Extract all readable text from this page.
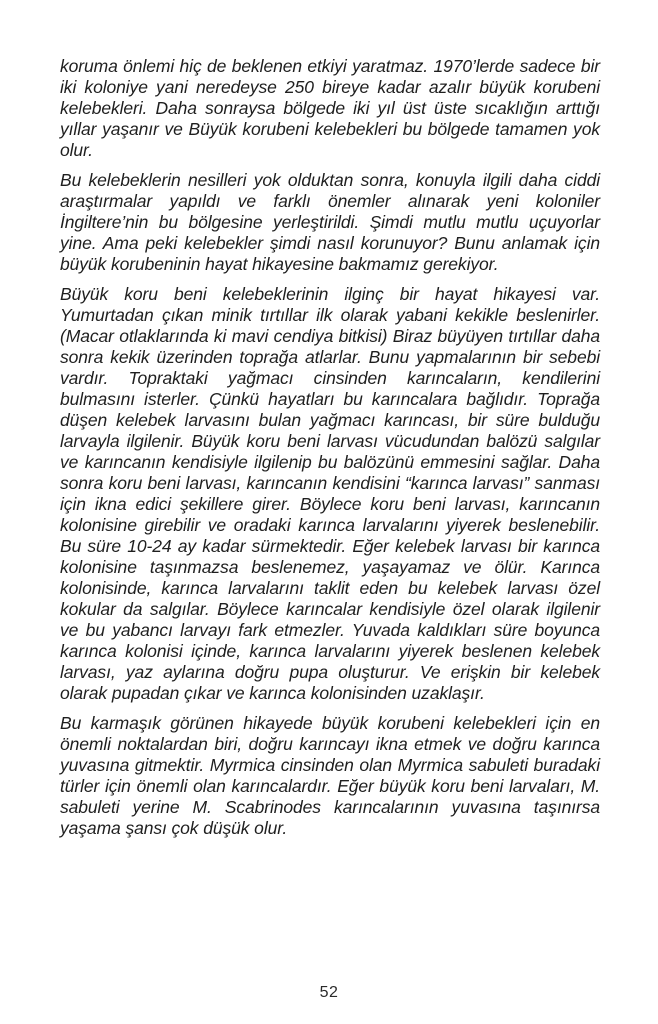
koruma önlemi hiç de beklenen etkiyi yaratmaz. 1970’lerde sadece bir iki koloniye yani neredeyse 250 bireye kadar azalır büyük korubeni kelebekleri. Daha sonraysa bölgede iki yıl üst üste sıcaklığın arttığı yıllar yaşanır ve Büyük korubeni kelebekleri bu bölgede tamamen yok olur.

Bu kelebeklerin nesilleri yok olduktan sonra, konuyla ilgili daha ciddi araştırmalar yapıldı ve farklı önemler alınarak yeni koloniler İngiltere’nin bu bölgesine yerleştirildi. Şimdi mutlu mutlu uçuyorlar yine. Ama peki kelebekler şimdi nasıl korunuyor? Bunu anlamak için büyük korubeninin hayat hikayesine bakmamız gerekiyor.

Büyük koru beni kelebeklerinin ilginç bir hayat hikayesi var. Yumurtadan çıkan minik tırtıllar ilk olarak yabani kekikle beslenirler.(Macar otlaklarında ki mavi cendiya bitkisi) Biraz büyüyen tırtıllar daha sonra kekik üzerinden toprağa atlarlar. Bunu yapmalarının bir sebebi vardır. Topraktaki yağmacı cinsinden karıncaların, kendilerini bulmasını isterler. Çünkü hayatları bu karıncalara bağlıdır. Toprağa düşen kelebek larvasını bulan yağmacı karıncası, bir süre bulduğu larvayla ilgilenir. Büyük koru beni larvası vücudundan balözü salgılar ve karıncanın kendisiyle ilgilenip bu balözünü emmesini sağlar. Daha sonra koru beni larvası, karıncanın kendisini “karınca larvası” sanması için ikna edici şekillere girer. Böylece koru beni larvası, karıncanın kolonisine girebilir ve oradaki karınca larvalarını yiyerek beslenebilir. Bu süre 10-24 ay kadar sürmektedir. Eğer kelebek larvası bir karınca kolonisine taşınmazsa beslenemez, yaşayamaz ve ölür. Karınca kolonisinde, karınca larvalarını taklit eden bu kelebek larvası özel kokular da salgılar. Böylece karıncalar kendisiyle özel olarak ilgilenir ve bu yabancı larvayı fark etmezler. Yuvada kaldıkları süre boyunca karınca kolonisi içinde, karınca larvalarını yiyerek beslenen kelebek larvası, yaz aylarına doğru pupa oluşturur. Ve erişkin bir kelebek olarak pupadan çıkar ve karınca kolonisinden uzaklaşır.

Bu karmaşık görünen hikayede büyük korubeni kelebekleri için en önemli noktalardan biri, doğru karıncayı ikna etmek ve doğru karınca yuvasına gitmektir. Myrmica cinsinden olan Myrmica sabuleti buradaki türler için önemli olan karıncalardır. Eğer büyük koru beni larvaları, M. sabuleti yerine M. Scabrinodes karıncalarının yuvasına taşınırsa yaşama şansı çok düşük olur.

52
